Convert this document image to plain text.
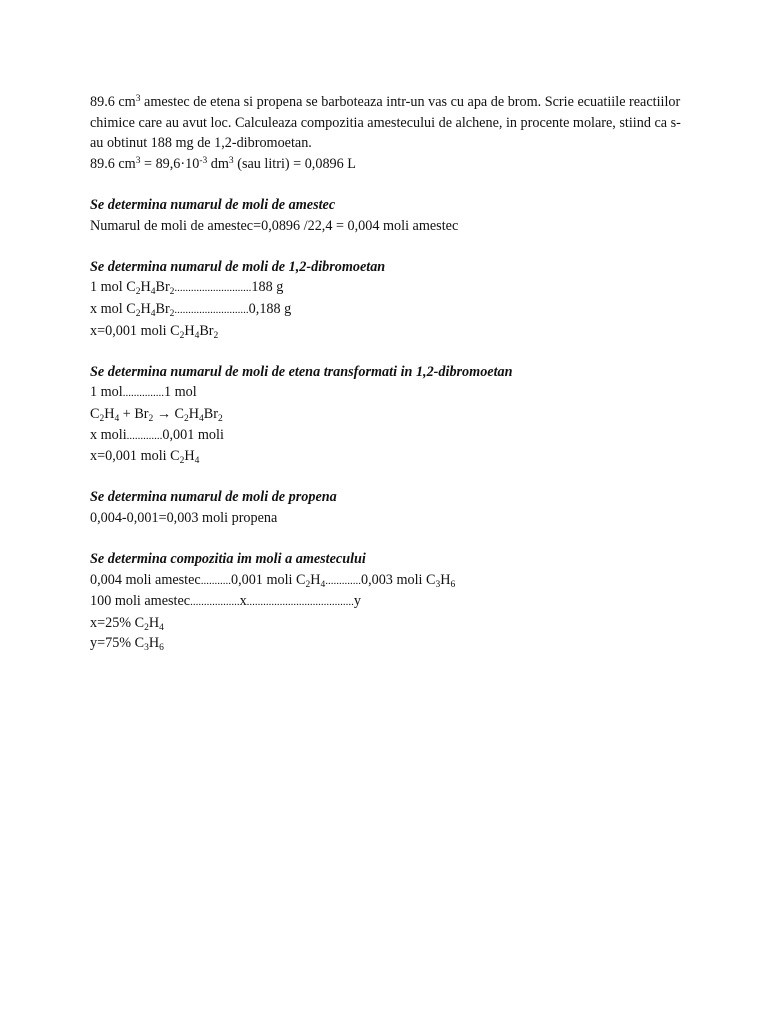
89.6 $cm^3$ amestec de etena si propena se barboteaza intr-un vas cu apa de brom. Scrie ecuatiile reactiilor chimice care au avut loc. Calculeaza compozitia amestecului de alchene, in procente molare, stiind ca s-au obtinut 188 mg de 1,2-dibromoetan.

89.6 $cm^3 = 89,6\cdot 10^{-3}$ $dm^3$ (sau litri) = 0,0896 L

Se determina numarul de moli de amestec

Numarul de moli de amestec=0,0896 /22,4 = 0,004 moli amestec

Se determina numarul de moli de 1,2-dibromoetan

1 mol $C_2H_4Br_2............................188$ g

x mol $C_2H_4Br_2...........................0,188$ g

x=0,001 moli $C_2H_4Br_2$

Se determina numarul de moli de etena transformati in 1,2-dibromoetan

1 mol...............1 mol

$C_2H_4 + Br_2 \to C_2H_4Br_2$

x moli.............0,001 moli

x=0,001 moli $C_2H_4$

Se determina numarul de moli de propena

0,004-0,001=0,003 moli propena

Se determina compozitia im moli a amestecului

0,004 moli amestec...........0,001 moli $C_2H_4.............0,003$ moli $C_3H_6$

100 moli amestec..................x.......................................y

x=25% $C_2H_4$

y=75% $C_3H_6$
